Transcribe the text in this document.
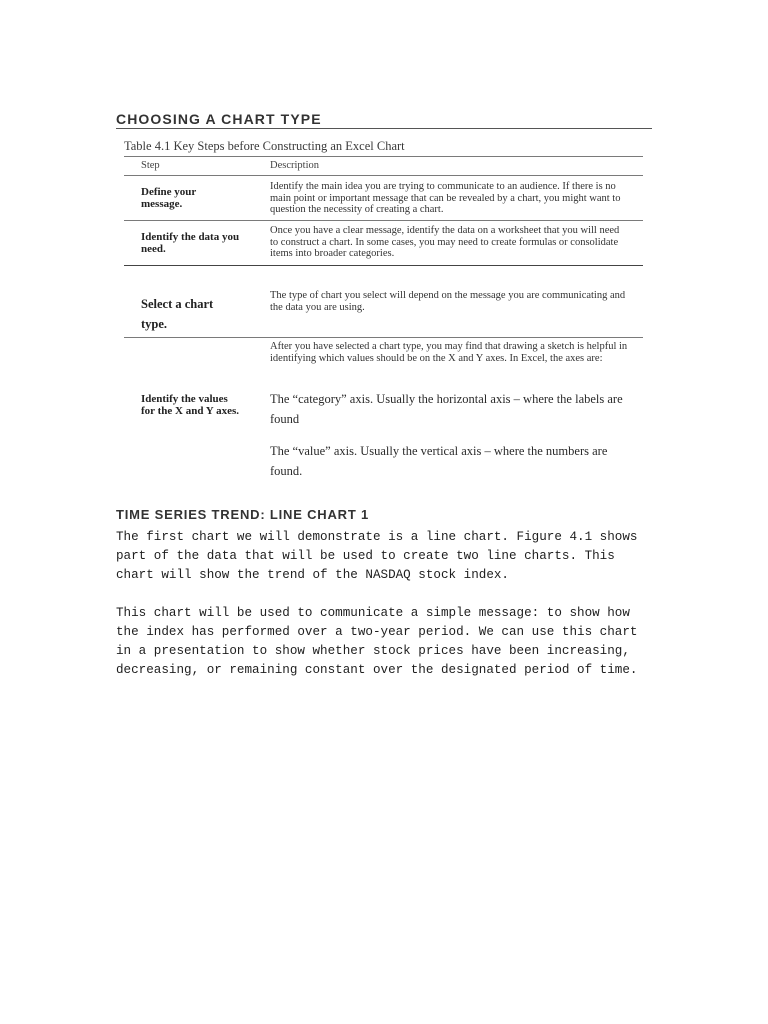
CHOOSING A CHART TYPE
Table 4.1 Key Steps before Constructing an Excel Chart
Step	Description
Define your message.
Identify the main idea you are trying to communicate to an audience. If there is no main point or important message that can be revealed by a chart, you might want to question the necessity of creating a chart.
Identify the data you need.
Once you have a clear message, identify the data on a worksheet that you will need to construct a chart. In some cases, you may need to create formulas or consolidate items into broader categories.
Select a chart type.
The type of chart you select will depend on the message you are communicating and the data you are using.
Identify the values for the X and Y axes.
After you have selected a chart type, you may find that drawing a sketch is helpful in identifying which values should be on the X and Y axes. In Excel, the axes are:
The “category” axis. Usually the horizontal axis – where the labels are found
The “value” axis. Usually the vertical axis – where the numbers are found.
TIME SERIES TREND: LINE CHART 1

The first chart we will demonstrate is a line chart. Figure 4.1 shows part of the data that will be used to create two line charts. This chart will show the trend of the NASDAQ stock index.

This chart will be used to communicate a simple message: to show how the index has performed over a two-year period. We can use this chart in a presentation to show whether stock prices have been increasing, decreasing, or remaining constant over the designated period of time.
